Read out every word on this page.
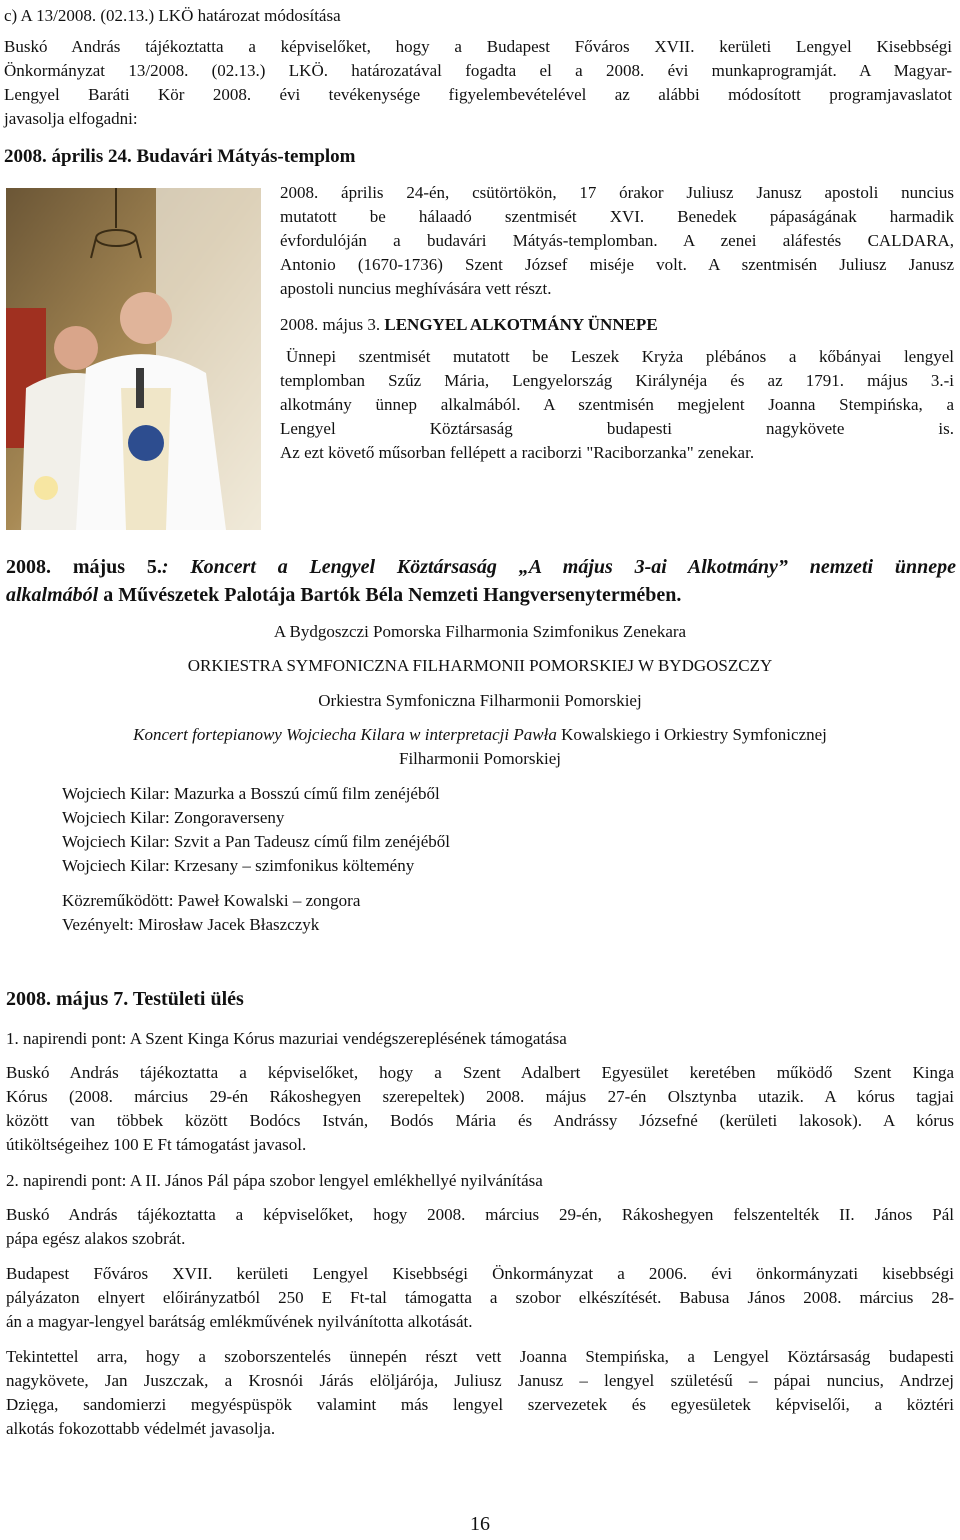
c) A 13/2008. (02.13.) LKÖ határozat módosítása
Buskó András tájékoztatta a képviselőket, hogy a Budapest Főváros XVII. kerületi Lengyel Kisebbségi
Önkormányzat 13/2008. (02.13.) LKÖ. határozatával fogadta el a 2008. évi munkaprogramját. A Magyar-
Lengyel Baráti Kör 2008. évi tevékenysége figyelembevételével az alábbi módosított programjavaslatot
javasolja elfogadni:
2008. április 24. Budavári Mátyás-templom
2008. április 24-én, csütörtökön, 17 órakor Juliusz Janusz apostoli nuncius
mutatott be hálaadó szentmisét XVI. Benedek pápaságának harmadik
évfordulóján a budavári Mátyás-templomban. A zenei aláfestés CALDARA,
Antonio (1670-1736) Szent József miséje volt. A szentmisén Juliusz Janusz
apostoli nuncius meghívására vett részt.
2008. május 3. LENGYEL ALKOTMÁNY ÜNNEPE
Ünnepi szentmisét mutatott be Leszek Kryża plébános a kőbányai lengyel
templomban Szűz Mária, Lengyelország Királynéja és az 1791. május 3.-i
alkotmány ünnep alkalmából. A szentmisén megjelent Joanna Stempińska, a
Lengyel Köztársaság budapesti nagykövete is.
Az ezt követő műsorban fellépett a raciborzi "Raciborzanka" zenekar.
2008. május 5.: Koncert a Lengyel Köztársaság „A május 3-ai Alkotmány” nemzeti ünnepe
alkalmából a Művészetek Palotája Bartók Béla Nemzeti Hangversenytermében.
A Bydgoszczi Pomorska Filharmonia Szimfonikus Zenekara
ORKIESTRA SYMFONICZNA FILHARMONII POMORSKIEJ W BYDGOSZCZY
Orkiestra Symfoniczna Filharmonii Pomorskiej
Koncert fortepianowy Wojciecha Kilara w interpretacji Pawła Kowalskiego i Orkiestry Symfonicznej
Filharmonii Pomorskiej
Wojciech Kilar: Mazurka a Bosszú című film zenéjéből
Wojciech Kilar: Zongoraverseny
Wojciech Kilar: Szvit a Pan Tadeusz című film zenéjéből
Wojciech Kilar: Krzesany – szimfonikus költemény
Közreműködött: Paweł Kowalski – zongora
Vezényelt: Mirosław Jacek Błaszczyk
2008. május 7. Testületi ülés
1. napirendi pont: A Szent Kinga Kórus mazuriai vendégszereplésének támogatása
Buskó András tájékoztatta a képviselőket, hogy a Szent Adalbert Egyesület keretében működő Szent Kinga
Kórus (2008. március 29-én Rákoshegyen szerepeltek) 2008. május 27-én Olsztynba utazik. A kórus tagjai
között van többek között Bodócs István, Bodós Mária és Andrássy Józsefné (kerületi lakosok). A kórus
útiköltségeihez 100 E Ft támogatást javasol.
2. napirendi pont: A II. János Pál pápa szobor lengyel emlékhellyé nyilvánítása
Buskó András tájékoztatta a képviselőket, hogy 2008. március 29-én, Rákoshegyen felszentelték II. János Pál
pápa egész alakos szobrát.
Budapest Főváros XVII. kerületi Lengyel Kisebbségi Önkormányzat a 2006. évi önkormányzati kisebbségi
pályázaton elnyert előirányzatból 250 E Ft-tal támogatta a szobor elkészítését. Babusa János 2008. március 28-
án a magyar-lengyel barátság emlékművének nyilvánította alkotását.
Tekintettel arra, hogy a szoborszentelés ünnepén részt vett Joanna Stempińska, a Lengyel Köztársaság budapesti
nagykövete, Jan Juszczak, a Krosnói Járás elöljárója, Juliusz Janusz – lengyel születésű – pápai nuncius, Andrzej
Dzięga, sandomierzi megyéspüspök valamint más lengyel szervezetek és egyesületek képviselői, a köztéri
alkotás fokozottabb védelmét javasolja.
16
